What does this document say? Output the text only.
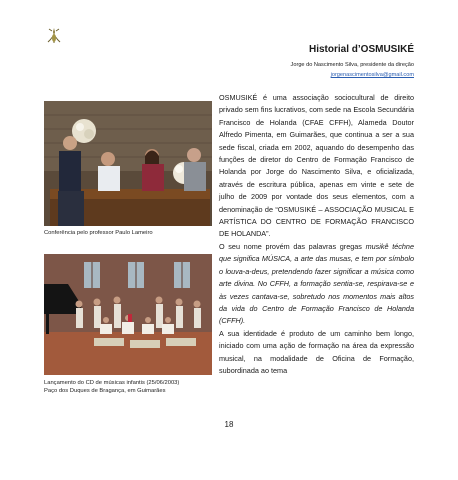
Historial d’OSMUSIKÉ
Jorge do Nascimento Silva, presidente da direção
jorgenascimentosilva@gmail.com
Conferência pelo professor Paulo Lameiro
Lançamento do CD de músicas infantis (25/06/2003)
Paço dos Duques de Bragança, em Guimarães

OSMUSIKÉ é uma associação sociocultural de direito privado sem fins lucrativos, com sede na Escola Secundária Francisco de Holanda (CFAE CFFH), Alameda Doutor Alfredo Pimenta, em Guimarães, que continua a ser a sua sede fiscal, criada em 2002, aquando do desempenho das funções de diretor do Centro de Formação Francisco de Holanda por Jorge do Nascimento Silva, e oficializada, através de escritura pública, apenas em vinte e sete de julho de 2009 por vontade dos seus elementos, com a denominação de “OSMUSIKÉ – ASSOCIAÇÃO MUSICAL E ARTÍSTICA DO CENTRO DE FORMAÇÃO FRANCISCO DE HOLANDA”.

O seu nome provém das palavras gregas musikê téchne que significa MÚSICA, a arte das musas, e tem por símbolo o louva-a-deus, pretendendo fazer significar a música como arte divina. No CFFH, a formação sentia-se, respirava-se e às vezes cantava-se, sobretudo nos momentos mais altos da vida do Centro de Formação Francisco de Holanda (CFFH).

A sua identidade é produto de um caminho bem longo, iniciado com uma ação de formação na área da expressão musical, na modalidade de Oficina de Formação, subordinada ao tema

18
